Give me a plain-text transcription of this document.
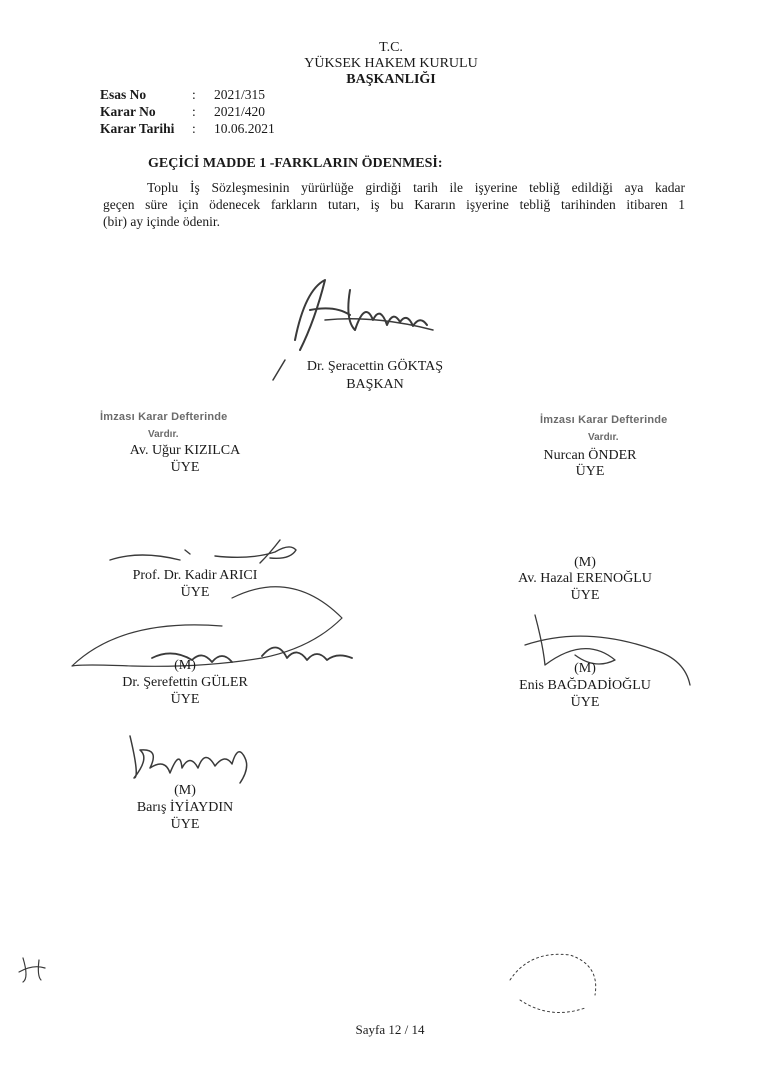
T.C.
YÜKSEK HAKEM KURULU
BAŞKANLIĞI
Esas No	:	2021/315
Karar No	:	2021/420
Karar Tarihi	:	10.06.2021
GEÇİCİ MADDE 1 -FARKLARIN ÖDENMESİ:
Toplu İş Sözleşmesinin yürürlüğe girdiği tarih ile işyerine tebliğ edildiği aya kadar
geçen süre için ödenecek farkların tutarı, iş bu Kararın işyerine tebliğ tarihinden itibaren 1
(bir) ay içinde ödenir.
Dr. Şeracettin GÖKTAŞ
BAŞKAN
İmzası Karar Defterinde
Vardır.
Av. Uğur KIZILCA
ÜYE
İmzası Karar Defterinde
Vardır.
Nurcan ÖNDER
ÜYE
Prof. Dr. Kadir ARICI
ÜYE
(M)
Av. Hazal ERENOĞLU
ÜYE
(M)
Dr. Şerefettin GÜLER
ÜYE
(M)
Enis BAĞDADİOĞLU
ÜYE
(M)
Barış İYİAYDIN
ÜYE
Sayfa 12 / 14
